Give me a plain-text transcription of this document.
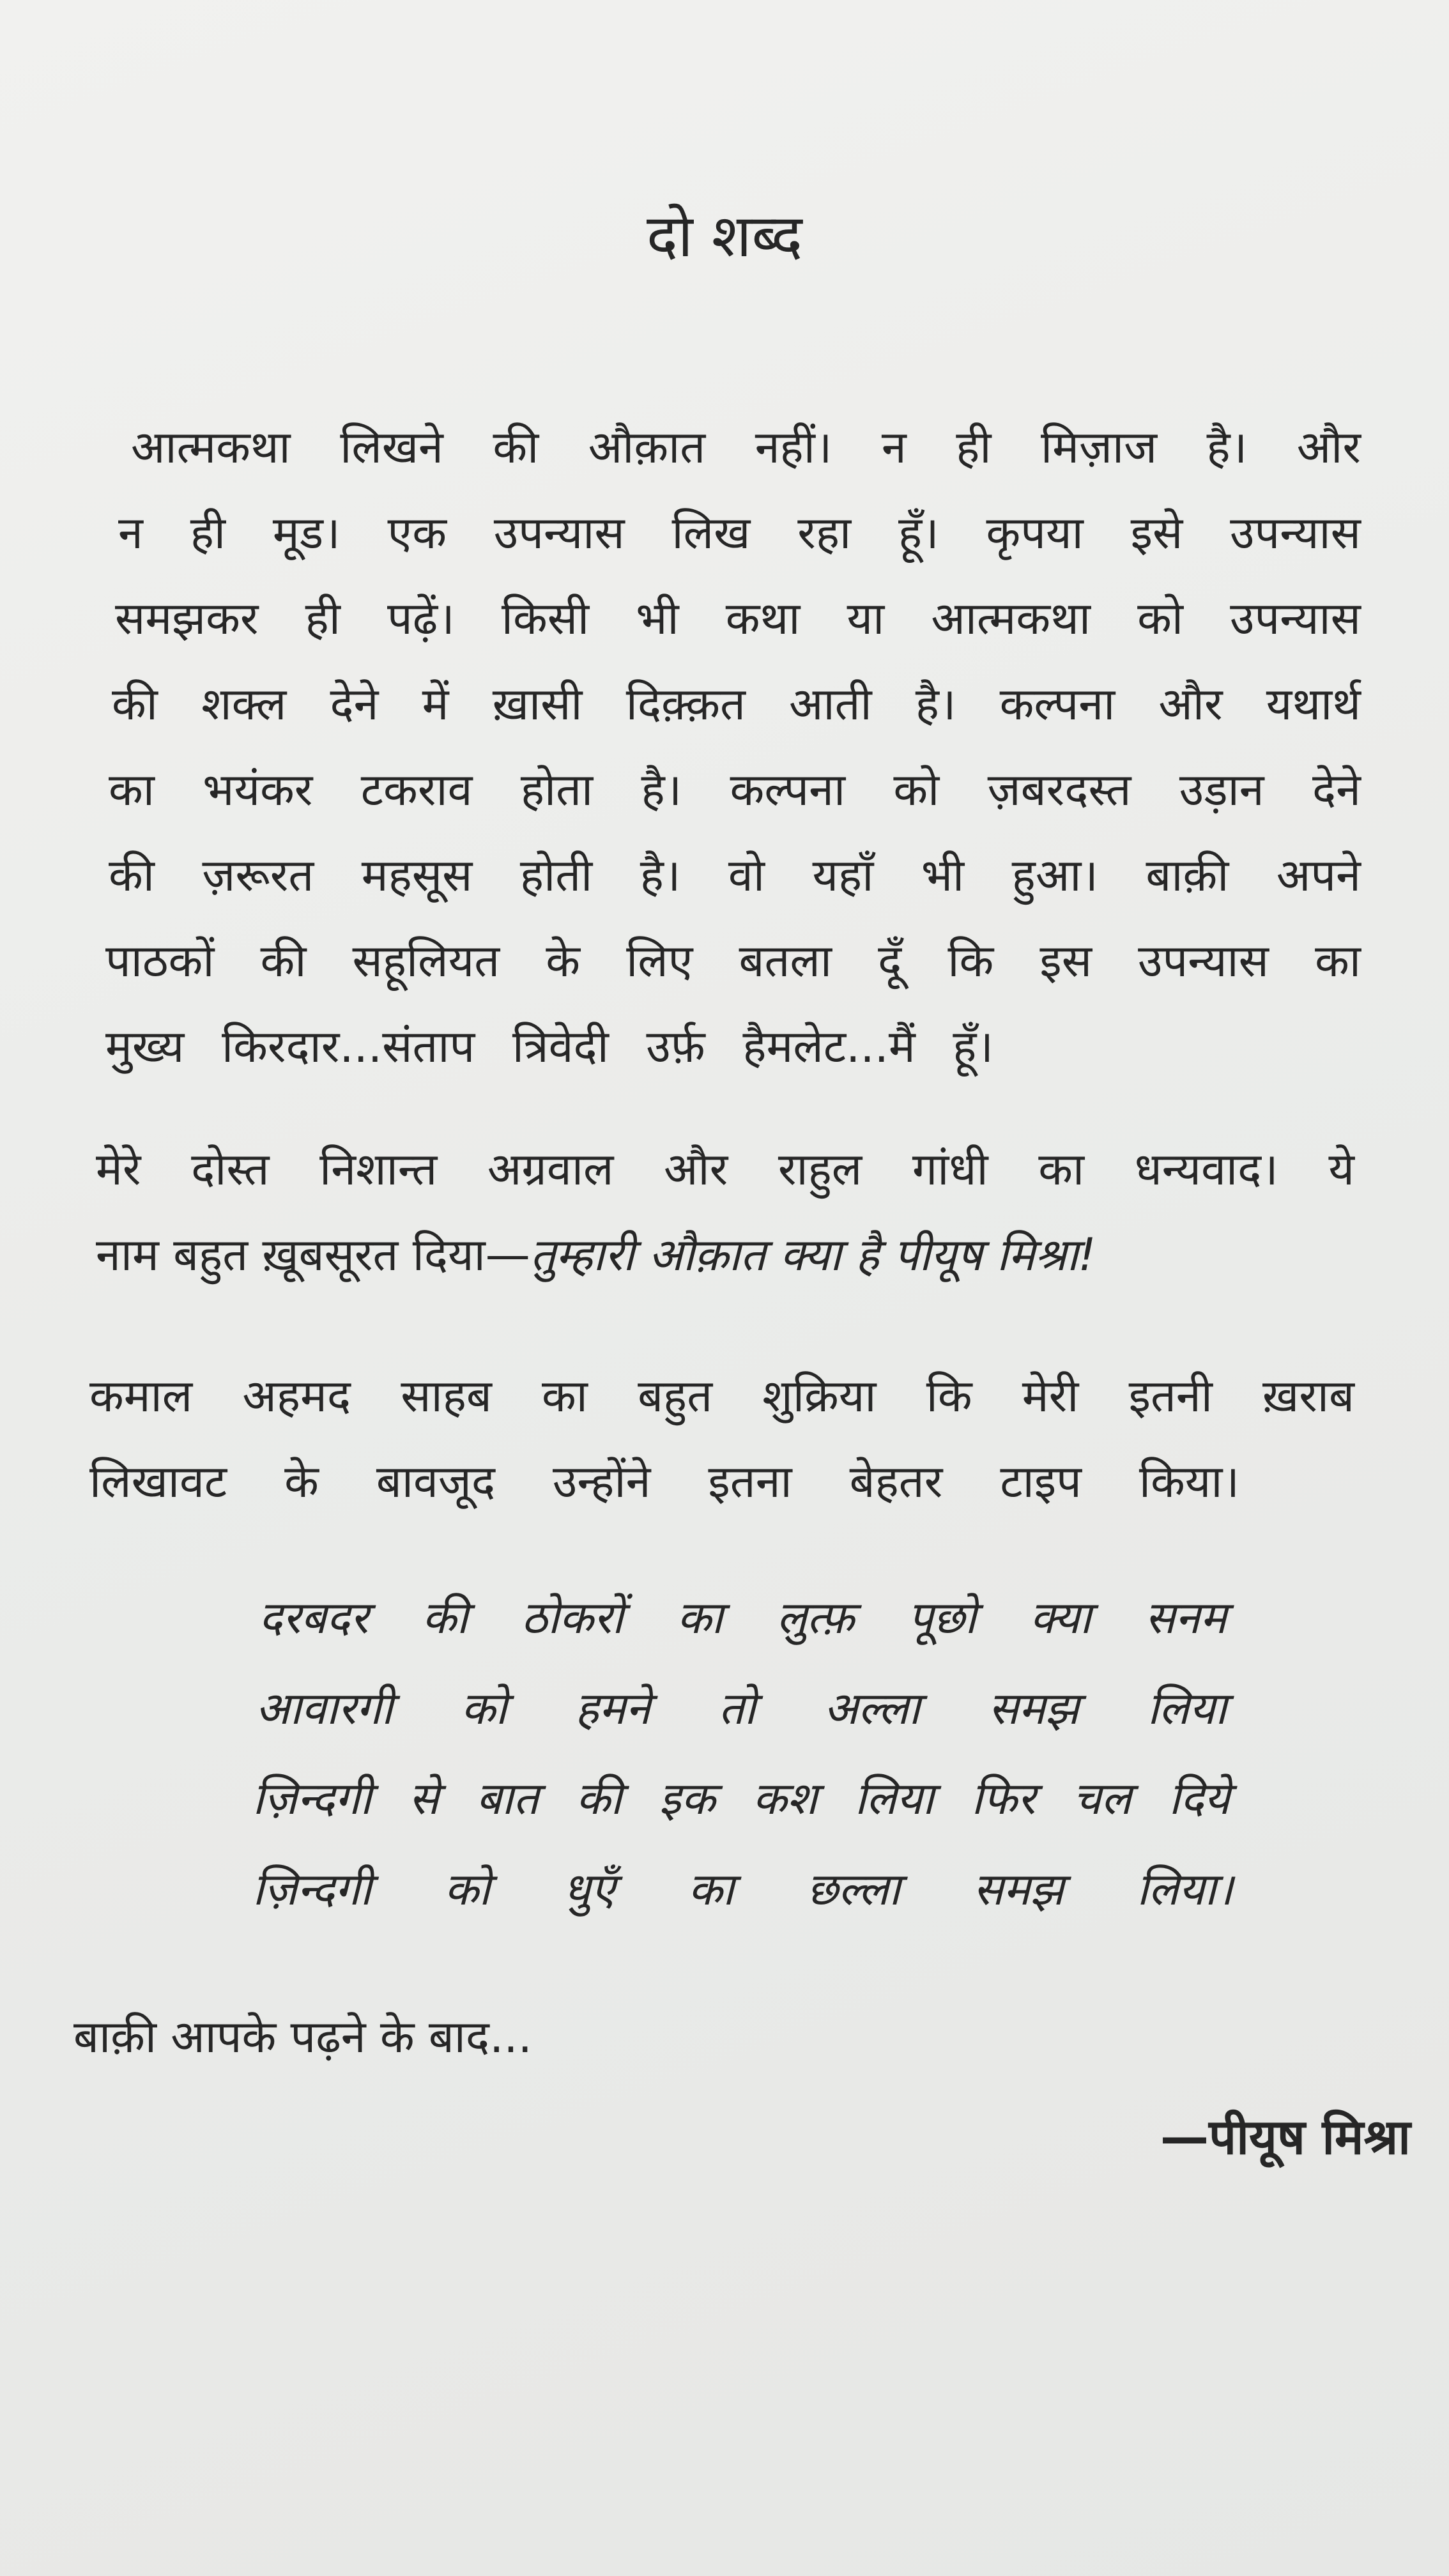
दो शब्द
आत्मकथा लिखने की औक़ात नहीं। न ही मिज़ाज है। और
न ही मूड। एक उपन्यास लिख रहा हूँ। कृपया इसे उपन्यास
समझकर ही पढ़ें। किसी भी कथा या आत्मकथा को उपन्यास
की शक्ल देने में ख़ासी दिक़्क़त आती है। कल्पना और यथार्थ
का भयंकर टकराव होता है। कल्पना को ज़बरदस्त उड़ान देने
की ज़रूरत महसूस होती है। वो यहाँ भी हुआ। बाक़ी अपने
पाठकों की सहूलियत के लिए बतला दूँ कि इस उपन्यास का
मुख्य किरदार...संताप त्रिवेदी उर्फ़ हैमलेट...मैं हूँ।
मेरे दोस्त निशान्त अग्रवाल और राहुल गांधी का धन्यवाद। ये
नाम बहुत ख़ूबसूरत दिया—तुम्हारी औक़ात क्या है पीयूष मिश्रा!
कमाल अहमद साहब का बहुत शुक्रिया कि मेरी इतनी ख़राब
लिखावट के बावजूद उन्होंने इतना बेहतर टाइप किया।
दरबदर की ठोकरों का लुत्फ़ पूछो क्या सनम
आवारगी को हमने तो अल्ला समझ लिया
ज़िन्दगी से बात की इक कश लिया फिर चल दिये
ज़िन्दगी को धुएँ का छल्ला समझ लिया।
बाक़ी आपके पढ़ने के बाद...
—पीयूष मिश्रा
